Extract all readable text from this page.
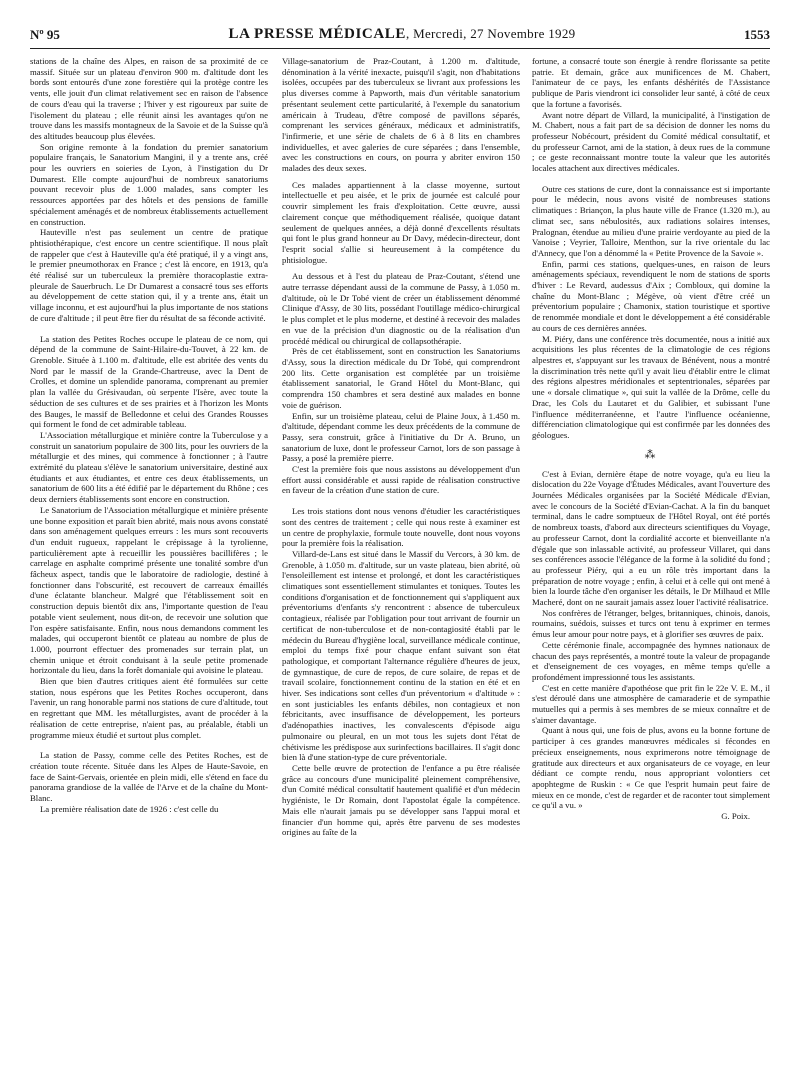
Nº 95	LA PRESSE MÉDICALE, Mercredi, 27 Novembre 1929	1553

stations de la chaîne des Alpes, en raison de sa proximité de ce massif. Située sur un plateau d'environ 900 m. d'altitude dont les bords sont entourés d'une zone forestière qui la protège contre les vents, elle jouit d'un climat relativement sec en raison de l'absence de cours d'eau qui la traverse ; l'hiver y est rigoureux par suite de l'isolement du plateau ; elle réunit ainsi les avantages qu'on ne trouve dans les massifs montagneux de la Savoie et de la Suisse qu'à des altitudes beaucoup plus élevées.

Son origine remonte à la fondation du premier sanatorium populaire français, le Sanatorium Mangini, il y a trente ans, créé pour les ouvriers en soieries de Lyon, à l'instigation du Dr Dumarest. Elle compte aujourd'hui de nombreux sanatoriums pouvant recevoir plus de 1.000 malades, sans compter les ressources apportées par des hôtels et des pensions de famille spécialement aménagés et de nombreux établissements actuellement en construction.

Hauteville n'est pas seulement un centre de pratique phtisiothérapique, c'est encore un centre scientifique. Il nous plaît de rappeler que c'est à Hauteville qu'a été pratiqué, il y a vingt ans, le premier pneumothorax en France ; c'est là encore, en 1913, qu'a été réalisé sur un tuberculeux la première thoracoplastie extra-pleurale de Sauerbruch. Le Dr Dumarest a consacré tous ses efforts au développement de cette station qui, il y a trente ans, était un village inconnu, et est aujourd'hui la plus importante de nos stations de cure d'altitude ; il peut être fier du résultat de sa féconde activité.

La station des Petites Roches occupe le plateau de ce nom, qui dépend de la commune de Saint-Hilaire-du-Touvet, à 22 km. de Grenoble. Située à 1.100 m. d'altitude, elle est abritée des vents du Nord par le massif de la Grande-Chartreuse, avec la Dent de Crolles, et domine un splendide panorama, comprenant au premier plan la vallée du Grésivaudan, où serpente l'Isère, avec toute la séduction de ses cultures et de ses prairies et à l'horizon les Monts des Bauges, le massif de Belledonne et celui des Grandes Rousses qui forment le fond de cet admirable tableau.

L'Association métallurgique et minière contre la Tuberculose y a construit un sanatorium populaire de 300 lits, pour les ouvriers de la métallurgie et des mines, qui commence à fonctionner ; à l'autre extrémité du plateau s'élève le sanatorium universitaire, destiné aux étudiants et aux étudiantes, et entre ces deux établissements, un sanatorium de 600 lits a été édifié par le département du Rhône ; ces deux derniers établissements sont encore en construction.

Le Sanatorium de l'Association métallurgique et minière présente une bonne exposition et paraît bien abrité, mais nous avons constaté dans son aménagement quelques erreurs : les murs sont recouverts d'un enduit rugueux, rappelant le crépissage à la tyrolienne, particulièrement apte à recueillir les poussières bacillifères ; le carrelage en asphalte comprimé présente une tonalité sombre d'un fâcheux aspect, tandis que le laboratoire de radiologie, destiné à fonctionner dans l'obscurité, est recouvert de carreaux émaillés d'une éclatante blancheur. Malgré que l'établissement soit en construction depuis bientôt dix ans, l'importante question de l'eau potable vient seulement, nous dit-on, de recevoir une solution que l'on espère satisfaisante. Enfin, nous nous demandons comment les malades, qui occuperont bientôt ce plateau au nombre de plus de 1.000, pourront effectuer des promenades sur terrain plat, un chemin unique et étroit conduisant à la seule petite promenade horizontale du lieu, dans la forêt domaniale qui avoisine le plateau.

Bien que bien d'autres critiques aient été formulées sur cette station, nous espérons que les Petites Roches occuperont, dans l'avenir, un rang honorable parmi nos stations de cure d'altitude, tout en regrettant que MM. les métallurgistes, avant de procéder à la réalisation de cette entreprise, n'aient pas, au préalable, établi un programme mieux étudié et surtout plus complet.

La station de Passy, comme celle des Petites Roches, est de création toute récente. Située dans les Alpes de Haute-Savoie, en face de Saint-Gervais, orientée en plein midi, elle s'étend en face du panorama grandiose de la vallée de l'Arve et de la chaîne du Mont-Blanc.

La première réalisation date de 1926 : c'est celle du

Village-sanatorium de Praz-Coutant, à 1.200 m. d'altitude, dénomination à la vérité inexacte, puisqu'il s'agit, non d'habitations isolées, occupées par des tuberculeux se livrant aux professions les plus diverses comme à Papworth, mais d'un véritable sanatorium présentant seulement cette particularité, à l'exemple du sanatorium américain à Trudeau, d'être composé de pavillons séparés, comprenant les services généraux, médicaux et administratifs, l'infirmerie, et une série de chalets de 6 à 8 lits en chambres individuelles, et avec galeries de cure séparées ; dans l'ensemble, avec les constructions en cours, on pourra y abriter environ 150 malades des deux sexes.

Ces malades appartiennent à la classe moyenne, surtout intellectuelle et peu aisée, et le prix de journée est calculé pour couvrir simplement les frais d'exploitation. Cette œuvre, aussi clairement conçue que méthodiquement réalisée, quoique datant seulement de quelques années, a déjà donné d'excellents résultats qui font le plus grand honneur au Dr Davy, médecin-directeur, dont l'esprit social s'allie si heureusement à la compétence du phtisiologue.

Au dessous et à l'est du plateau de Praz-Coutant, s'étend une autre terrasse dépendant aussi de la commune de Passy, à 1.050 m. d'altitude, où le Dr Tobé vient de créer un établissement dénommé Clinique d'Assy, de 30 lits, possédant l'outillage médico-chirurgical le plus complet et le plus moderne, et destiné à recevoir des malades en vue de la précision d'un diagnostic ou de la réalisation d'un procédé médical ou chirurgical de collapsothérapie.

Près de cet établissement, sont en construction les Sanatoriums d'Assy, sous la direction médicale du Dr Tobé, qui comprendront 200 lits. Cette organisation est complétée par un troisième établissement sanatorial, le Grand Hôtel du Mont-Blanc, qui comprendra 150 chambres et sera destiné aux malades en bonne voie de guérison.

Enfin, sur un troisième plateau, celui de Plaine Joux, à 1.450 m. d'altitude, dépendant comme les deux précédents de la commune de Passy, sera construit, grâce à l'initiative du Dr A. Bruno, un sanatorium de luxe, dont le professeur Carnot, lors de son passage à Passy, a posé la première pierre.

C'est la première fois que nous assistons au développement d'un effort aussi considérable et aussi rapide de réalisation constructive en faveur de la création d'une station de cure.

Les trois stations dont nous venons d'étudier les caractéristiques sont des centres de traitement ; celle qui nous reste à examiner est un centre de prophylaxie, formule toute nouvelle, dont nous voyons pour la première fois la réalisation.

Villard-de-Lans est situé dans le Massif du Vercors, à 30 km. de Grenoble, à 1.050 m. d'altitude, sur un vaste plateau, bien abrité, où l'ensoleillement est intense et prolongé, et dont les caractéristiques climatiques sont essentiellement stimulantes et toniques. Toutes les conditions d'organisation et de fonctionnement qui s'appliquent aux préventoriums d'enfants s'y rencontrent : absence de tuberculeux contagieux, réalisée par l'obligation pour tout arrivant de fournir un certificat de non-tuberculose et de non-contagiosité établi par le médecin du Bureau d'hygiène local, surveillance médicale continue, emploi du temps fixé pour chaque enfant suivant son état pathologique, et comportant l'alternance régulière d'heures de jeux, de gymnastique, de cure de repos, de cure solaire, de repas et de travail scolaire, fonctionnement continu de la station en été et en hiver. Ses indications sont celles d'un préventorium « d'altitude » : en sont justiciables les enfants débiles, non contagieux et non fébricitants, avec insuffisance de développement, les porteurs d'adénopathies inactives, les convalescents d'épisode aigu pulmonaire ou pleural, en un mot tous les sujets dont l'état de chétivisme les prédispose aux surinfections bacillaires. Il s'agit donc bien là d'une station-type de cure préventoriale.

Cette belle œuvre de protection de l'enfance a pu être réalisée grâce au concours d'une municipalité pleinement compréhensive, d'un Comité médical consultatif hautement qualifié et d'un médecin hygiéniste, le Dr Romain, dont l'apostolat égale la compétence. Mais elle n'aurait jamais pu se développer sans l'appui moral et financier d'un homme qui, après être parvenu de ses modestes origines au faîte de la

fortune, a consacré toute son énergie à rendre florissante sa petite patrie. Et demain, grâce aux munificences de M. Chabert, l'animateur de ce pays, les enfants déshérités de l'Assistance publique de Paris viendront ici consolider leur santé, à côté de ceux que la fortune a favorisés.

Avant notre départ de Villard, la municipalité, à l'instigation de M. Chabert, nous a fait part de sa décision de donner les noms du professeur Nobécourt, président du Comité médical consultatif, et du professeur Carnot, ami de la station, à deux rues de la commune ; ce geste reconnaissant montre toute la valeur que les autorités locales attachent aux directives médicales.

Outre ces stations de cure, dont la connaissance est si importante pour le médecin, nous avons visité de nombreuses stations climatiques : Briançon, la plus haute ville de France (1.320 m.), au climat sec, sans nébulosités, aux radiations solaires intenses, Pralognan, étendue au milieu d'une prairie verdoyante au pied de la Vanoise ; Veyrier, Talloire, Menthon, sur la rive orientale du lac d'Annecy, que l'on a dénommé la « Petite Provence de la Savoie ».

Enfin, parmi ces stations, quelques-unes, en raison de leurs aménagements spéciaux, revendiquent le nom de stations de sports d'hiver : Le Revard, audessus d'Aix ; Combloux, qui domine la chaîne du Mont-Blanc ; Mégève, où vient d'être créé un préventorium populaire ; Chamonix, station touristique et sportive de renommée mondiale et dont le développement a été considérable au cours de ces dernières années.

M. Piéry, dans une conférence très documentée, nous a initié aux acquisitions les plus récentes de la climatologie de ces régions alpestres et, s'appuyant sur les travaux de Bénévent, nous a montré la discrimination très nette qu'il y avait lieu d'établir entre le climat des régions alpestres méridionales et septentrionales, séparées par une « dorsale climatique », qui suit la vallée de la Drôme, celle du Drac, les Cols du Lautaret et du Galibier, et subissant l'une l'influence méditerranéenne, et l'autre l'influence océanienne, différenciation climatologique qui est confirmée par les données des géologues.

⁂

C'est à Evian, dernière étape de notre voyage, qu'a eu lieu la dislocation du 22e Voyage d'Études Médicales, avant l'ouverture des Journées Médicales organisées par la Société Médicale d'Evian, avec le concours de la Société d'Evian-Cachat. A la fin du banquet terminal, dans le cadre somptueux de l'Hôtel Royal, ont été portés de nombreux toasts, d'abord aux directeurs scientifiques du Voyage, au professeur Carnot, dont la cordialité accorte et bienveillante n'a d'égale que son inlassable activité, au professeur Villaret, qui dans ses conférences associe l'élégance de la forme à la solidité du fond ; au professeur Piéry, qui a eu un rôle très important dans la préparation de notre voyage ; enfin, à celui et à celle qui ont mené à bien la lourde tâche d'en organiser les détails, le Dr Milhaud et Mlle Macheré, dont on ne saurait jamais assez louer l'activité réalisatrice.

Nos confrères de l'étranger, belges, britanniques, chinois, danois, roumains, suédois, suisses et turcs ont tenu à exprimer en termes émus leur amour pour notre pays, et à glorifier ses œuvres de paix.

Cette cérémonie finale, accompagnée des hymnes nationaux de chacun des pays représentés, a montré toute la valeur de propagande et d'enseignement de ces voyages, en même temps qu'elle a profondément impressionné tous les assistants.

C'est en cette manière d'apothéose que prit fin le 22e V. E. M., il s'est déroulé dans une atmosphère de camaraderie et de sympathie mutuelles qui a permis à ses membres de se mieux connaître et de s'aimer davantage.

Quant à nous qui, une fois de plus, avons eu la bonne fortune de participer à ces grandes manœuvres médicales si fécondes en précieux enseignements, nous exprimerons notre témoignage de gratitude aux directeurs et aux organisateurs de ce voyage, en leur dédiant ce compte rendu, nous appropriant volontiers cet apophtegme de Ruskin : « Ce que l'esprit humain peut faire de mieux en ce monde, c'est de regarder et de raconter tout simplement ce qu'il a vu. »

G. Poix.
